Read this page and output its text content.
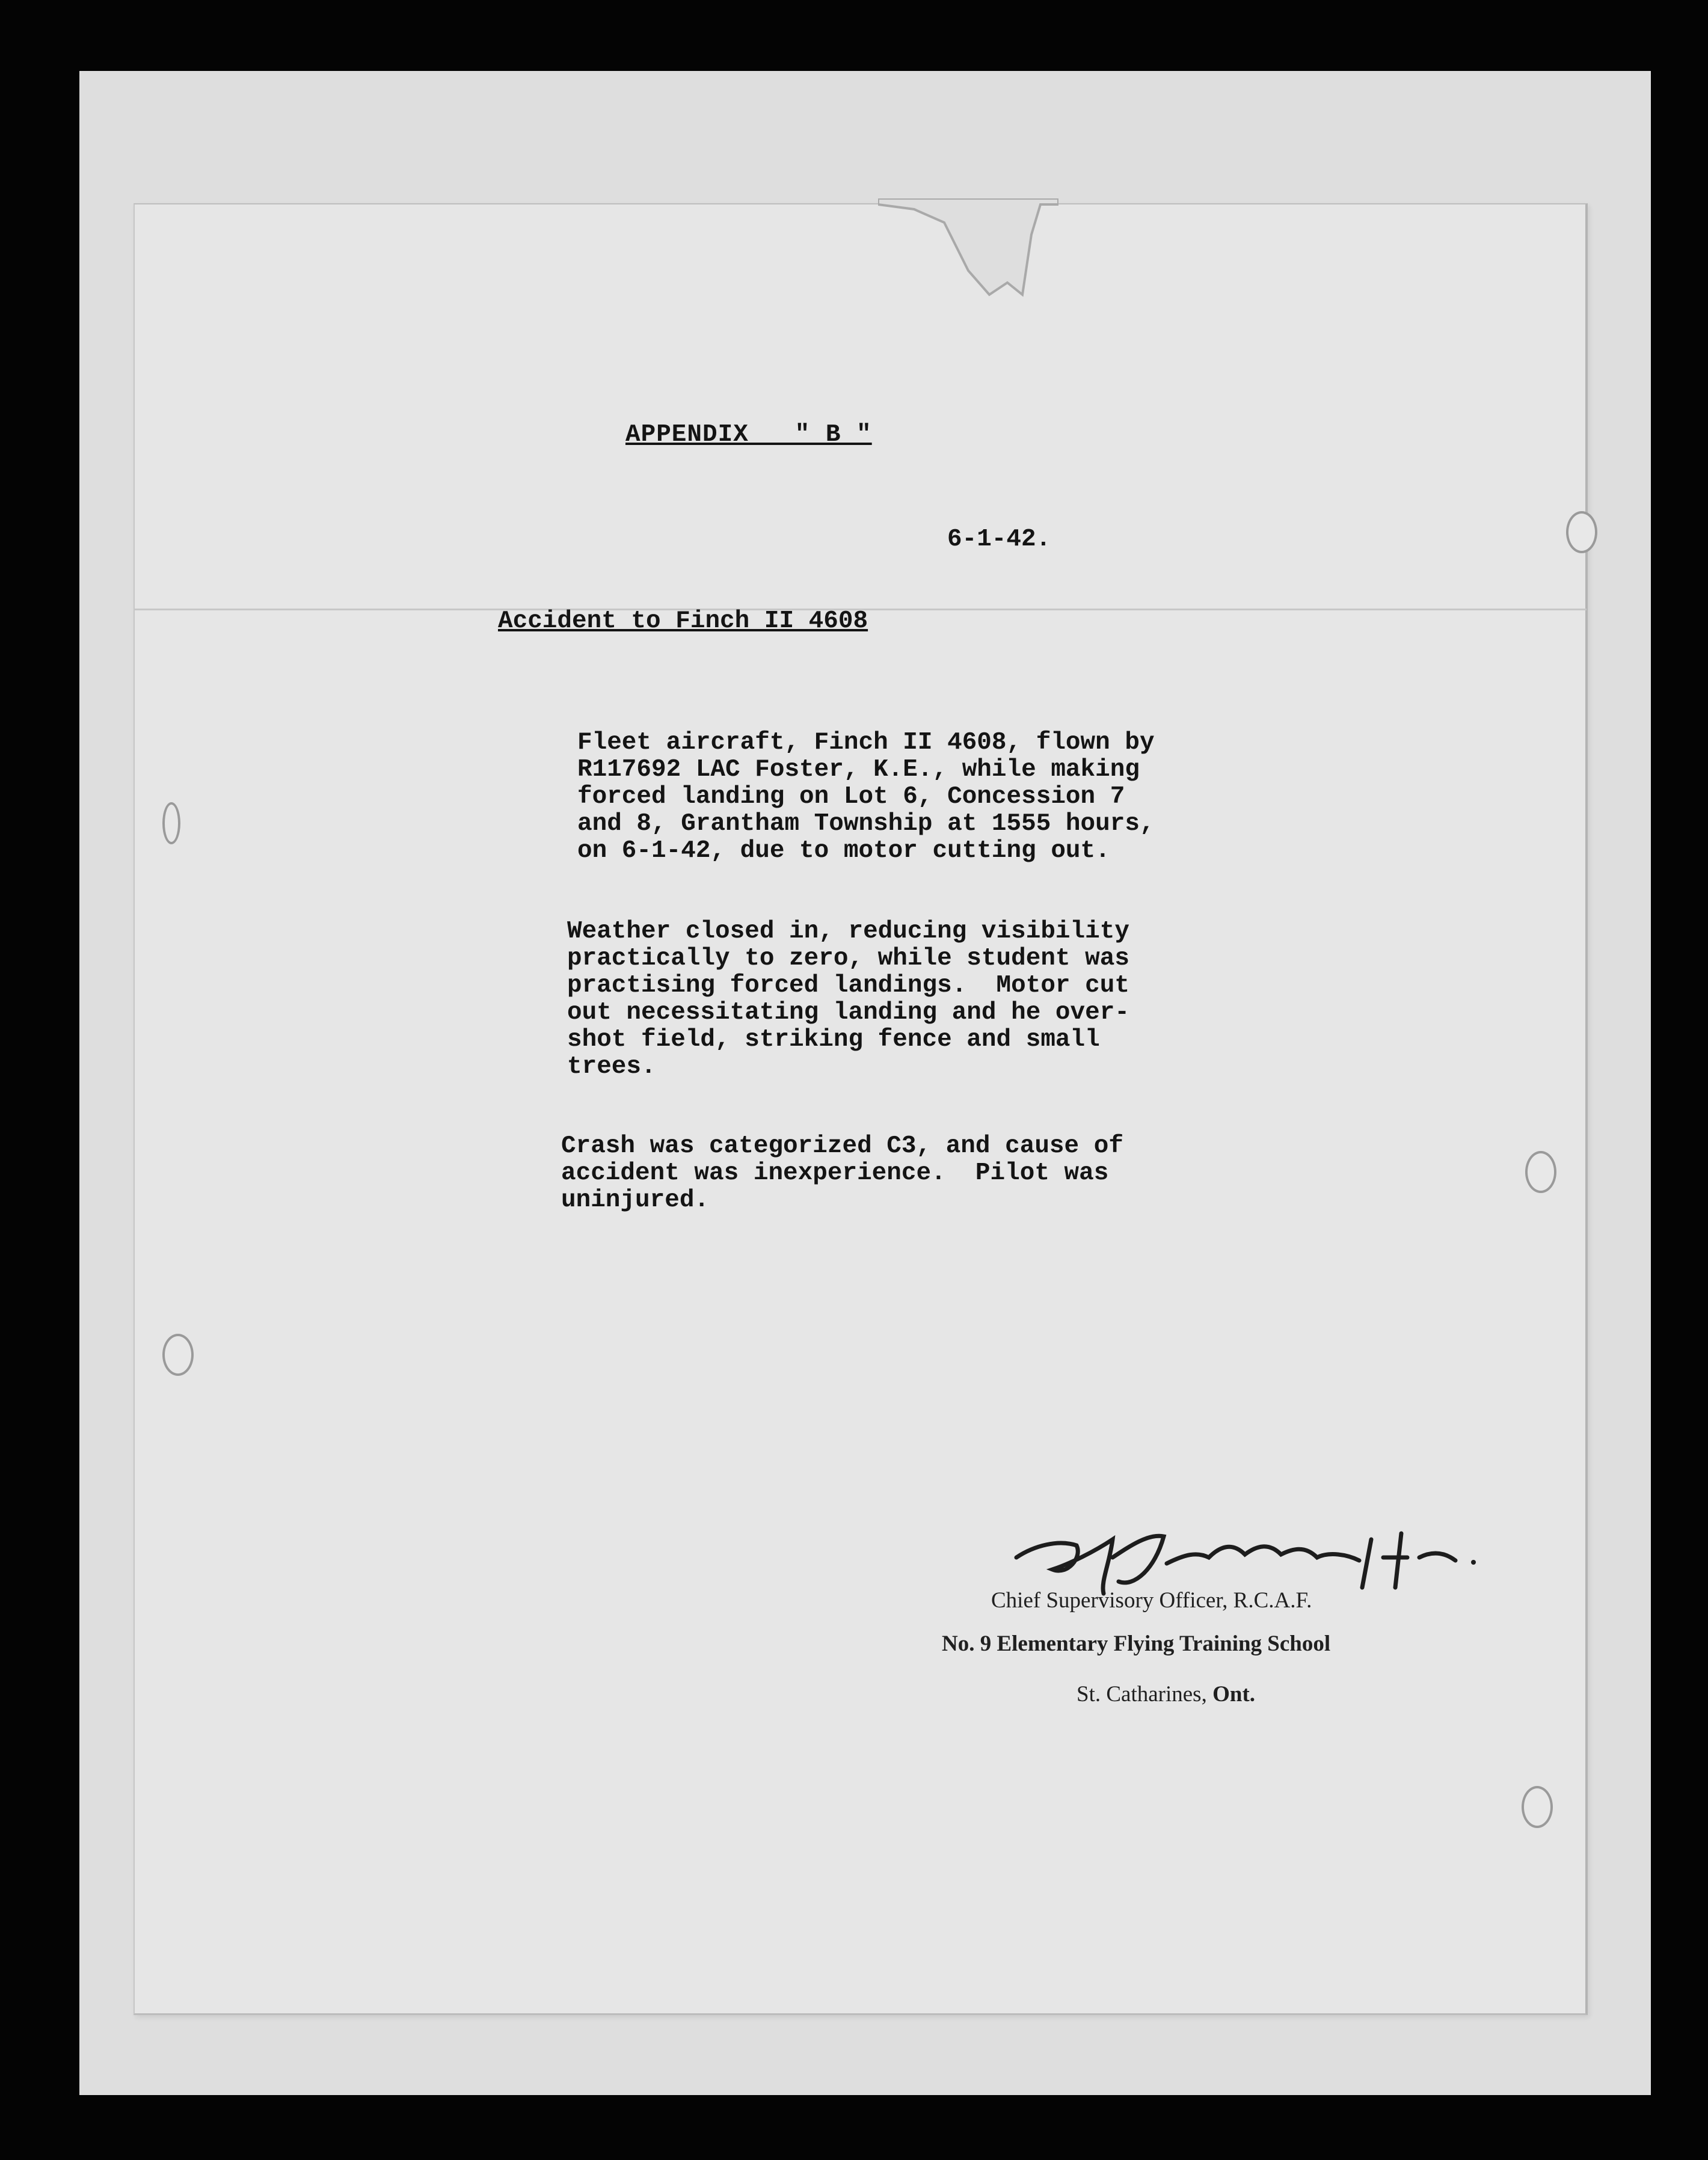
APPENDIX   " B "
6-1-42.
Accident to Finch II 4608
Fleet aircraft, Finch II 4608, flown by
R117692 LAC Foster, K.E., while making
forced landing on Lot 6, Concession 7
and 8, Grantham Township at 1555 hours,
on 6-1-42, due to motor cutting out.
Weather closed in, reducing visibility
practically to zero, while student was
practising forced landings.  Motor cut
out necessitating landing and he over-
shot field, striking fence and small
trees.
Crash was categorized C3, and cause of
accident was inexperience.  Pilot was
uninjured.
Chief Supervisory Officer, R.C.A.F.
No. 9 Elementary Flying Training School
St. Catharines, Ont.
